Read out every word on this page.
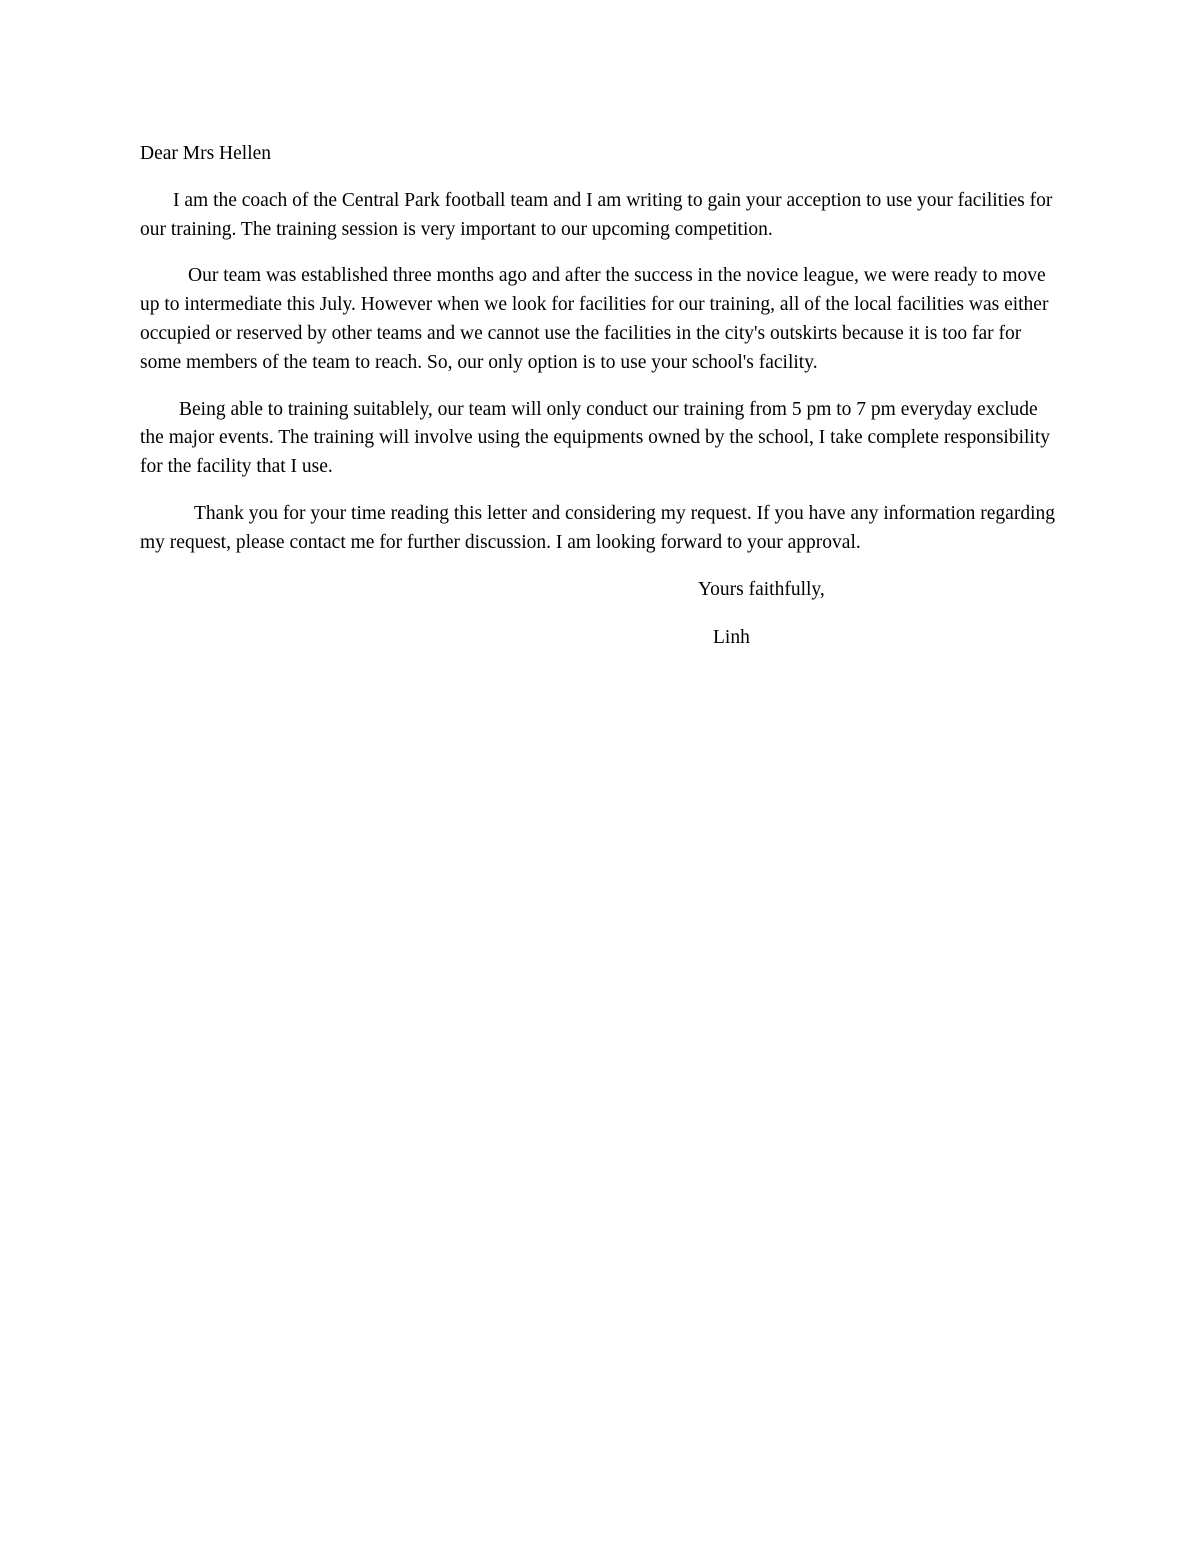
Dear Mrs Hellen

I am the coach of the Central Park football team and I am writing to gain your acception to use your facilities for our training. The training session is very important to our upcoming competition.

Our team was established three months ago and after the success in the novice league, we were ready to move up to intermediate this July. However when we look for facilities for our training, all of the local facilities was either occupied or reserved by other teams and we cannot use the facilities in the city's outskirts because it is too far for some members of the team to reach. So, our only option is to use your school's facility.

Being able to training suitablely, our team will only conduct our training from 5 pm to 7 pm everyday exclude the major events. The training will involve using the equipments owned by the school, I take complete responsibility for the facility that I use.

Thank you for your time reading this letter and considering my request. If you have any information regarding my request, please contact me for further discussion. I am looking forward to your approval.

Yours faithfully,

Linh
